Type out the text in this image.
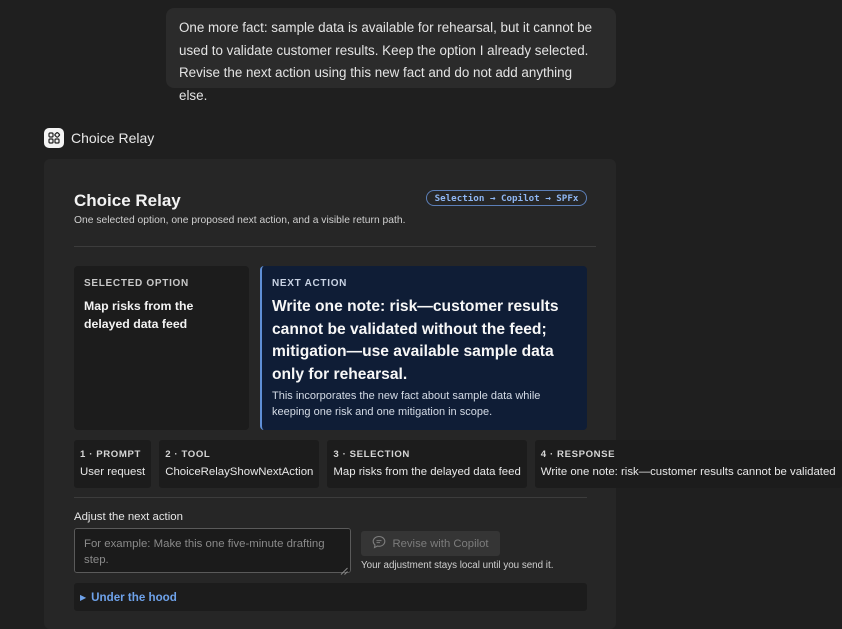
One more fact: sample data is available for rehearsal, but it cannot be used to validate customer results. Keep the option I already selected. Revise the next action using this new fact and do not add anything else.
Choice Relay
Choice Relay
One selected option, one proposed next action, and a visible return path.
Selection → Copilot → SPFx
SELECTED OPTION
Map risks from the delayed data feed
NEXT ACTION
Write one note: risk—customer results cannot be validated without the feed; mitigation—use available sample data only for rehearsal.
This incorporates the new fact about sample data while keeping one risk and one mitigation in scope.
1 · PROMPT
User request
2 · TOOL
ChoiceRelayShowNextAction
3 · SELECTION
Map risks from the delayed data feed
4 · RESPONSE
Write one note: risk—customer results cannot be validated
Adjust the next action
For example: Make this one five-minute drafting step.
Revise with Copilot
Your adjustment stays local until you send it.
▶ Under the hood
